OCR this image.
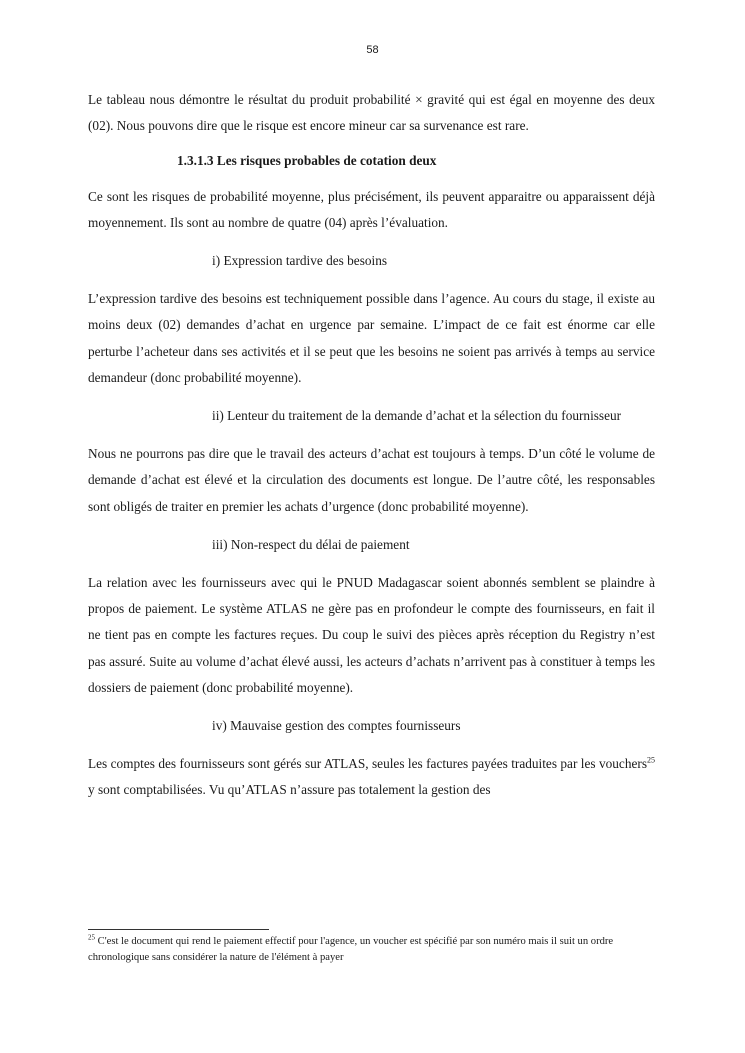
58

Le tableau nous démontre le résultat du produit probabilité × gravité qui est égal en moyenne des deux (02). Nous pouvons dire que le risque est encore mineur car sa survenance est rare.

1.3.1.3 Les risques probables de cotation deux

Ce sont les risques de probabilité moyenne, plus précisément, ils peuvent apparaitre ou apparaissent déjà moyennement. Ils sont au nombre de quatre (04) après l’évaluation.

i) Expression tardive des besoins

L’expression tardive des besoins est techniquement possible dans l’agence. Au cours du stage, il existe au moins deux (02) demandes d’achat en urgence par semaine. L’impact de ce fait est énorme car elle perturbe l’acheteur dans ses activités et il se peut que les besoins ne soient pas arrivés à temps au service demandeur (donc probabilité moyenne).

ii) Lenteur du traitement de la demande d’achat et la sélection du fournisseur

Nous ne pourrons pas dire que le travail des acteurs d’achat est toujours à temps. D’un côté le volume de demande d’achat est élevé et la circulation des documents est longue. De l’autre côté, les responsables sont obligés de traiter en premier les achats d’urgence (donc probabilité moyenne).

iii) Non-respect du délai de paiement

La relation avec les fournisseurs avec qui le PNUD Madagascar soient abonnés semblent se plaindre à propos de paiement. Le système ATLAS ne gère pas en profondeur le compte des fournisseurs, en fait il ne tient pas en compte les factures reçues. Du coup le suivi des pièces après réception du Registry n’est pas assuré. Suite au volume d’achat élevé aussi, les acteurs d’achats n’arrivent pas à constituer à temps les dossiers de paiement (donc probabilité moyenne).

iv) Mauvaise gestion des comptes fournisseurs

Les comptes des fournisseurs sont gérés sur ATLAS, seules les factures payées traduites par les vouchers$^{25}$ y sont comptabilisées. Vu qu’ATLAS n’assure pas totalement la gestion des

$^{25}$ C'est le document qui rend le paiement effectif pour l'agence, un voucher est spécifié par son numéro mais il suit un ordre chronologique sans considérer la nature de l'élément à payer
